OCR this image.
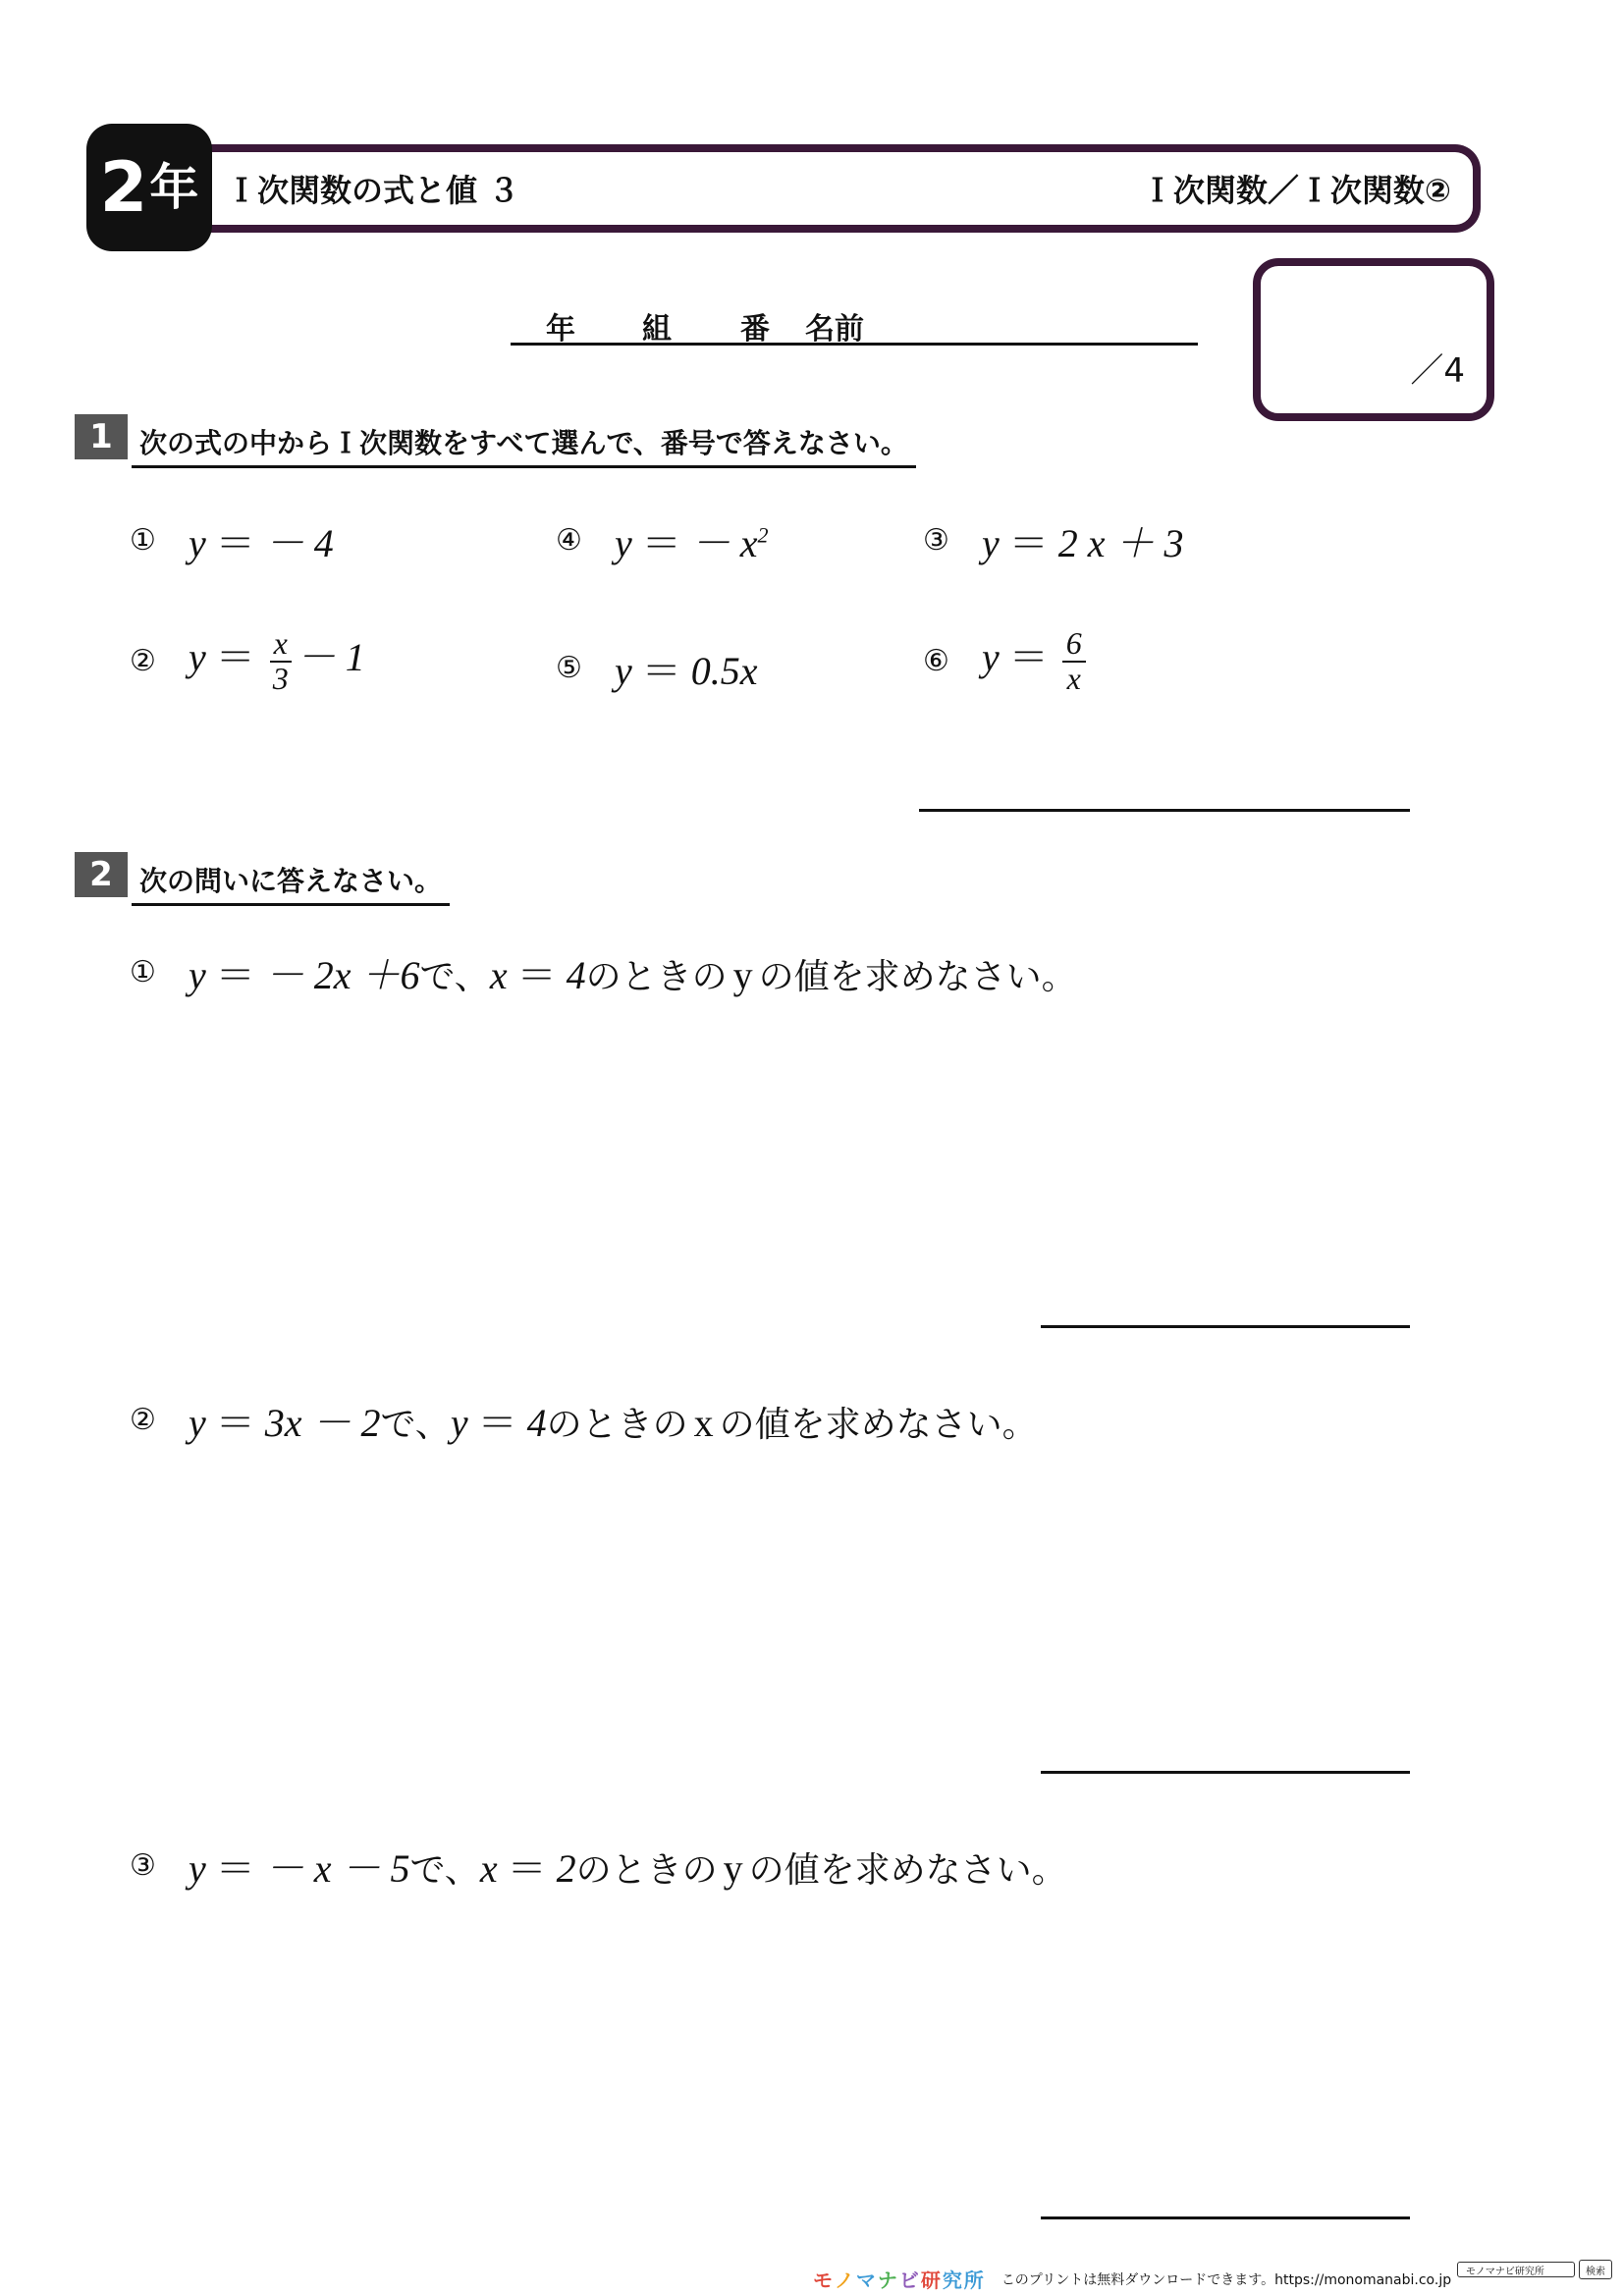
2 年 Ｉ次関数の式と値 ３	Ｉ次関数／Ｉ次関数②
年 組 番 名前
／4
1 次の式の中からＩ次関数をすべて選んで、番号で答えなさい。
① y ＝ － 4	④ y ＝ － $x^2$	③ y ＝ 2 x ＋ 3
② $y = \frac{x}{3} - 1$	⑤ y ＝ 0.5x	⑥ $y = \frac{6}{x}$
2 次の問いに答えなさい。
① y ＝ － 2x ＋6で、x ＝ 4のときの y の値を求めなさい。
② y ＝ 3x － 2で、y ＝ 4のときの x の値を求めなさい。
③ y ＝ － x － 5で、x ＝ 2のときの y の値を求めなさい。
モノマナビ研究所 このプリントは無料ダウンロードできます。https://monomanabi.co.jp
モノマナビ研究所	検索
